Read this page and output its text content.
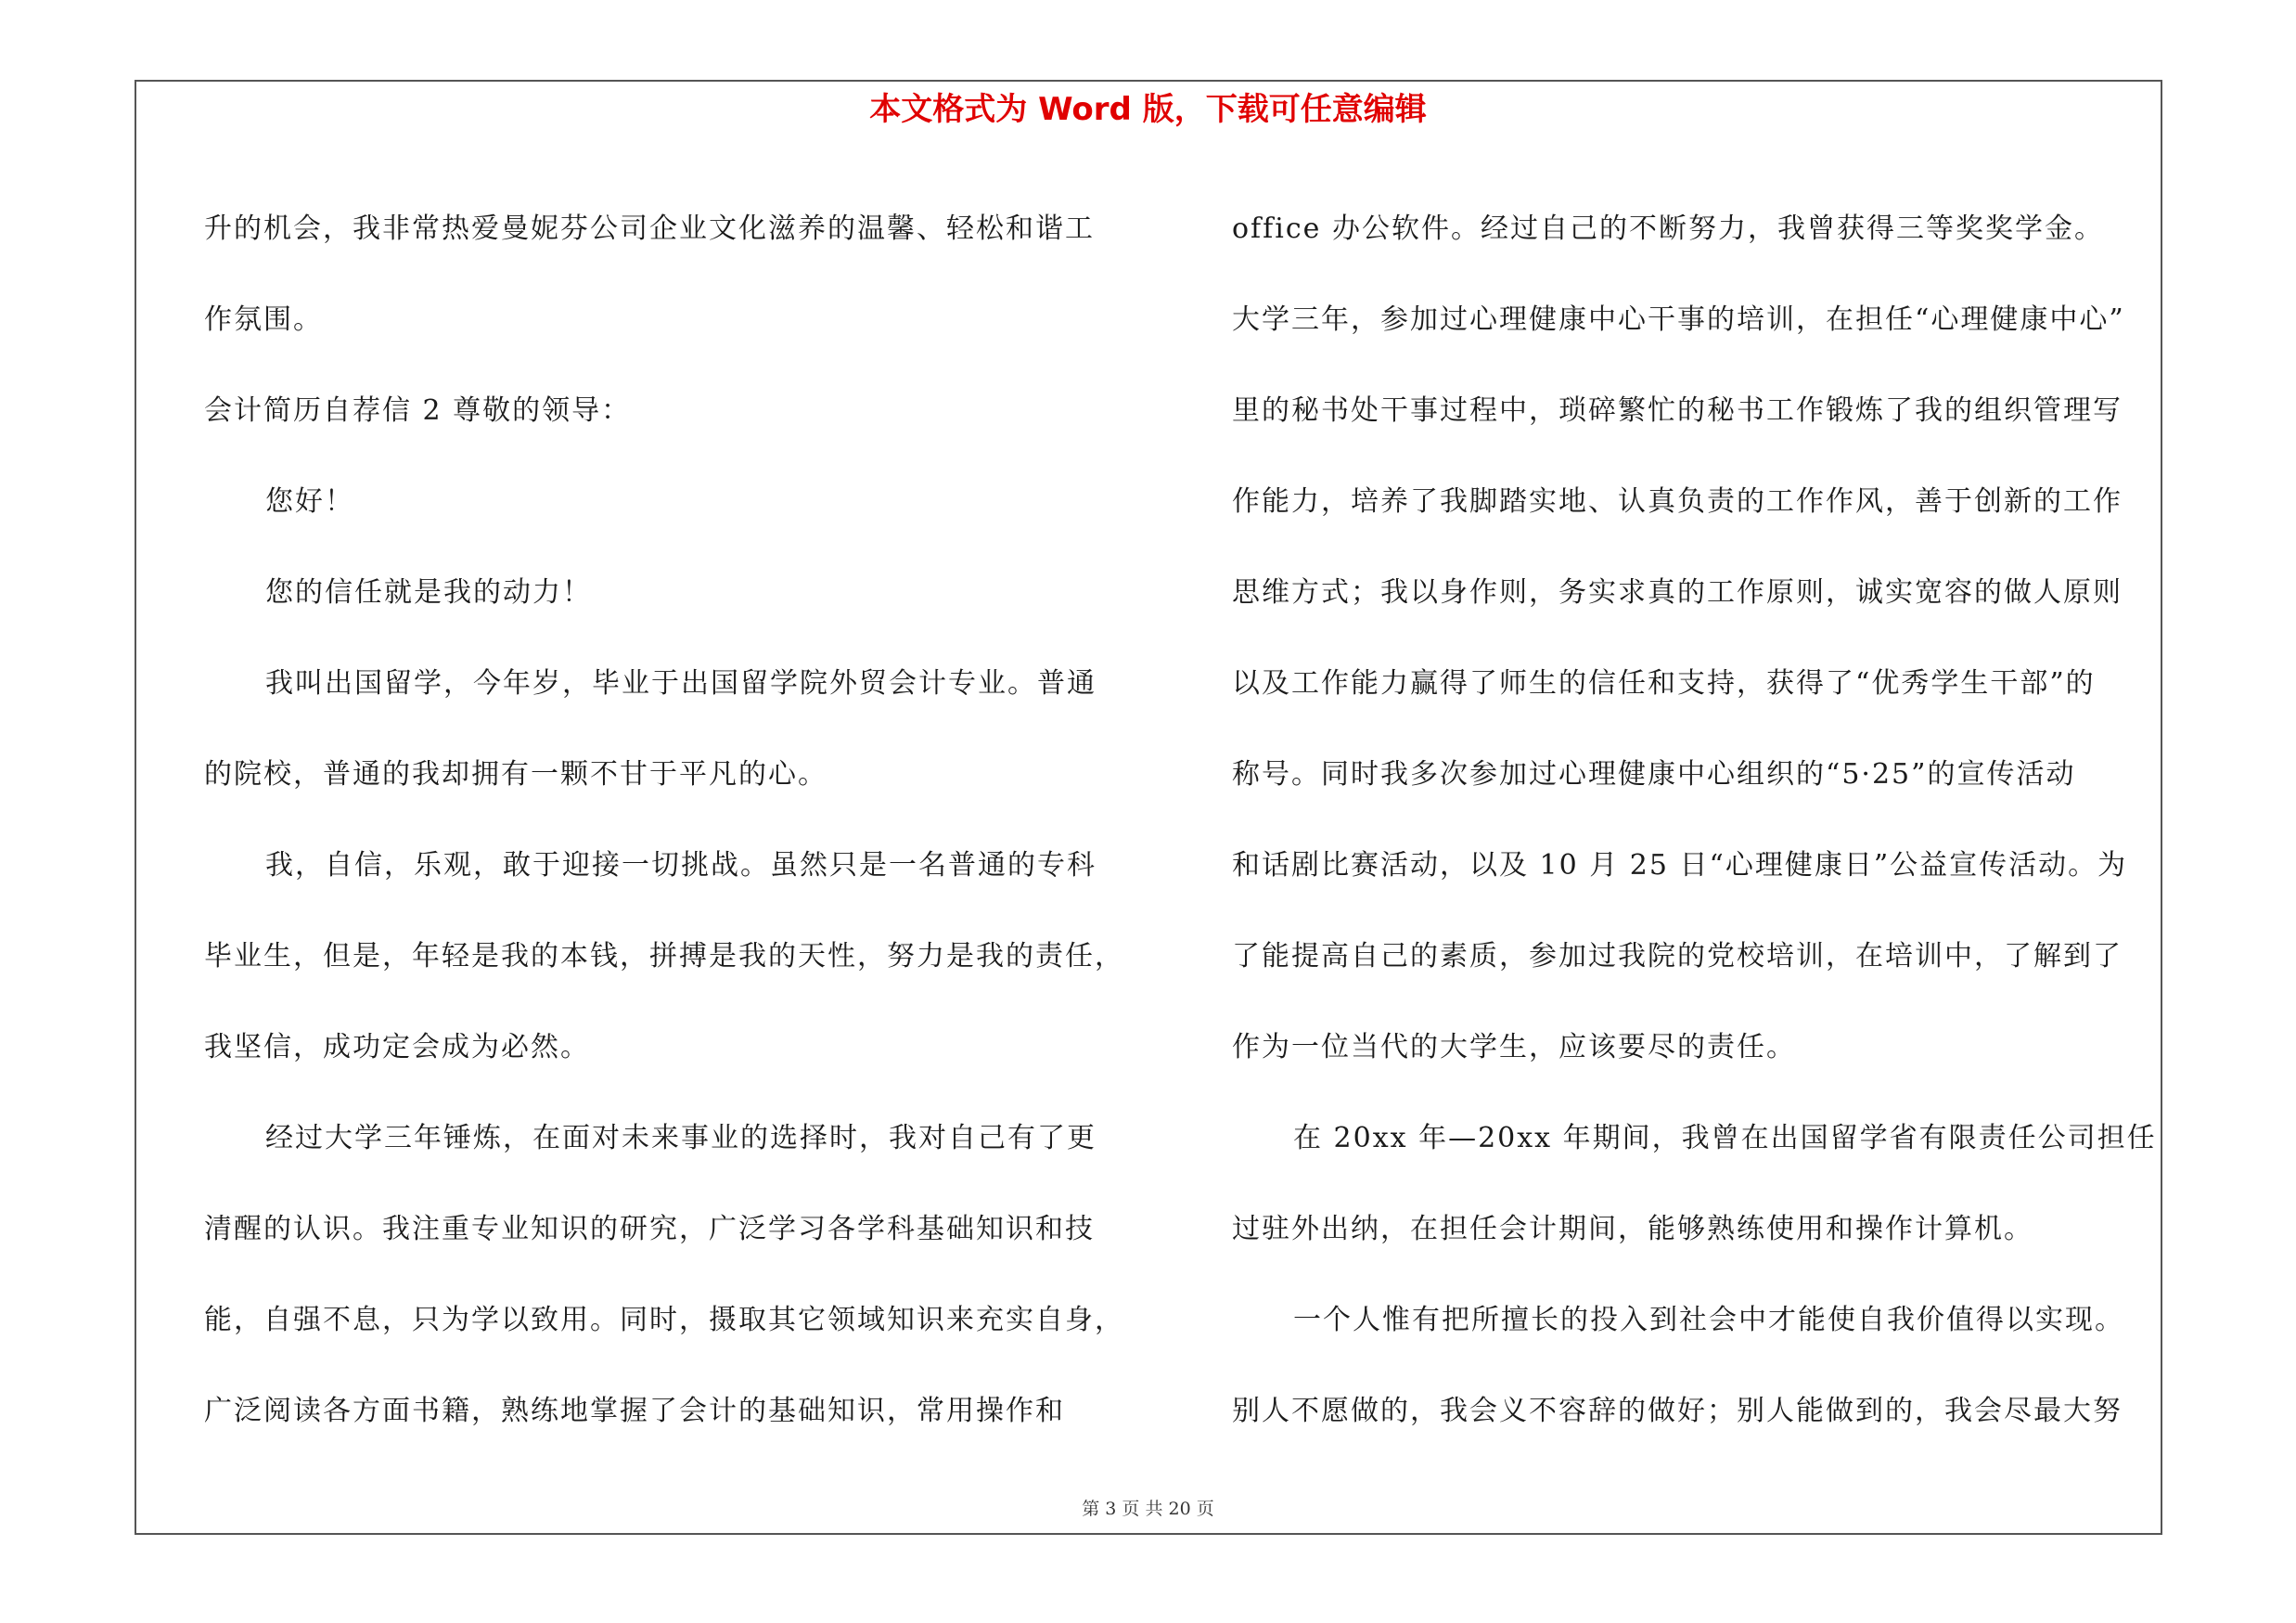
本文格式为 Word 版，下载可任意编辑
升的机会，我非常热爱曼妮芬公司企业文化滋养的温馨、轻松和谐工
作氛围。
会计简历自荐信 2 尊敬的领导：
您好！
您的信任就是我的动力！
我叫出国留学，今年岁，毕业于出国留学院外贸会计专业。普通
的院校，普通的我却拥有一颗不甘于平凡的心。
我，自信，乐观，敢于迎接一切挑战。虽然只是一名普通的专科
毕业生，但是，年轻是我的本钱，拼搏是我的天性，努力是我的责任，
我坚信，成功定会成为必然。
经过大学三年锤炼，在面对未来事业的选择时，我对自己有了更
清醒的认识。我注重专业知识的研究，广泛学习各学科基础知识和技
能，自强不息，只为学以致用。同时，摄取其它领域知识来充实自身，
广泛阅读各方面书籍，熟练地掌握了会计的基础知识，常用操作和
office 办公软件。经过自己的不断努力，我曾获得三等奖奖学金。
大学三年，参加过心理健康中心干事的培训，在担任“心理健康中心”
里的秘书处干事过程中，琐碎繁忙的秘书工作锻炼了我的组织管理写
作能力，培养了我脚踏实地、认真负责的工作作风，善于创新的工作
思维方式；我以身作则，务实求真的工作原则，诚实宽容的做人原则
以及工作能力赢得了师生的信任和支持，获得了“优秀学生干部”的
称号。同时我多次参加过心理健康中心组织的“5·25”的宣传活动
和话剧比赛活动，以及 10 月 25 日“心理健康日”公益宣传活动。为
了能提高自己的素质，参加过我院的党校培训，在培训中，了解到了
作为一位当代的大学生，应该要尽的责任。
在 20xx 年—20xx 年期间，我曾在出国留学省有限责任公司担任
过驻外出纳，在担任会计期间，能够熟练使用和操作计算机。
一个人惟有把所擅长的投入到社会中才能使自我价值得以实现。
别人不愿做的，我会义不容辞的做好；别人能做到的，我会尽最大努
第 3 页 共 20 页
